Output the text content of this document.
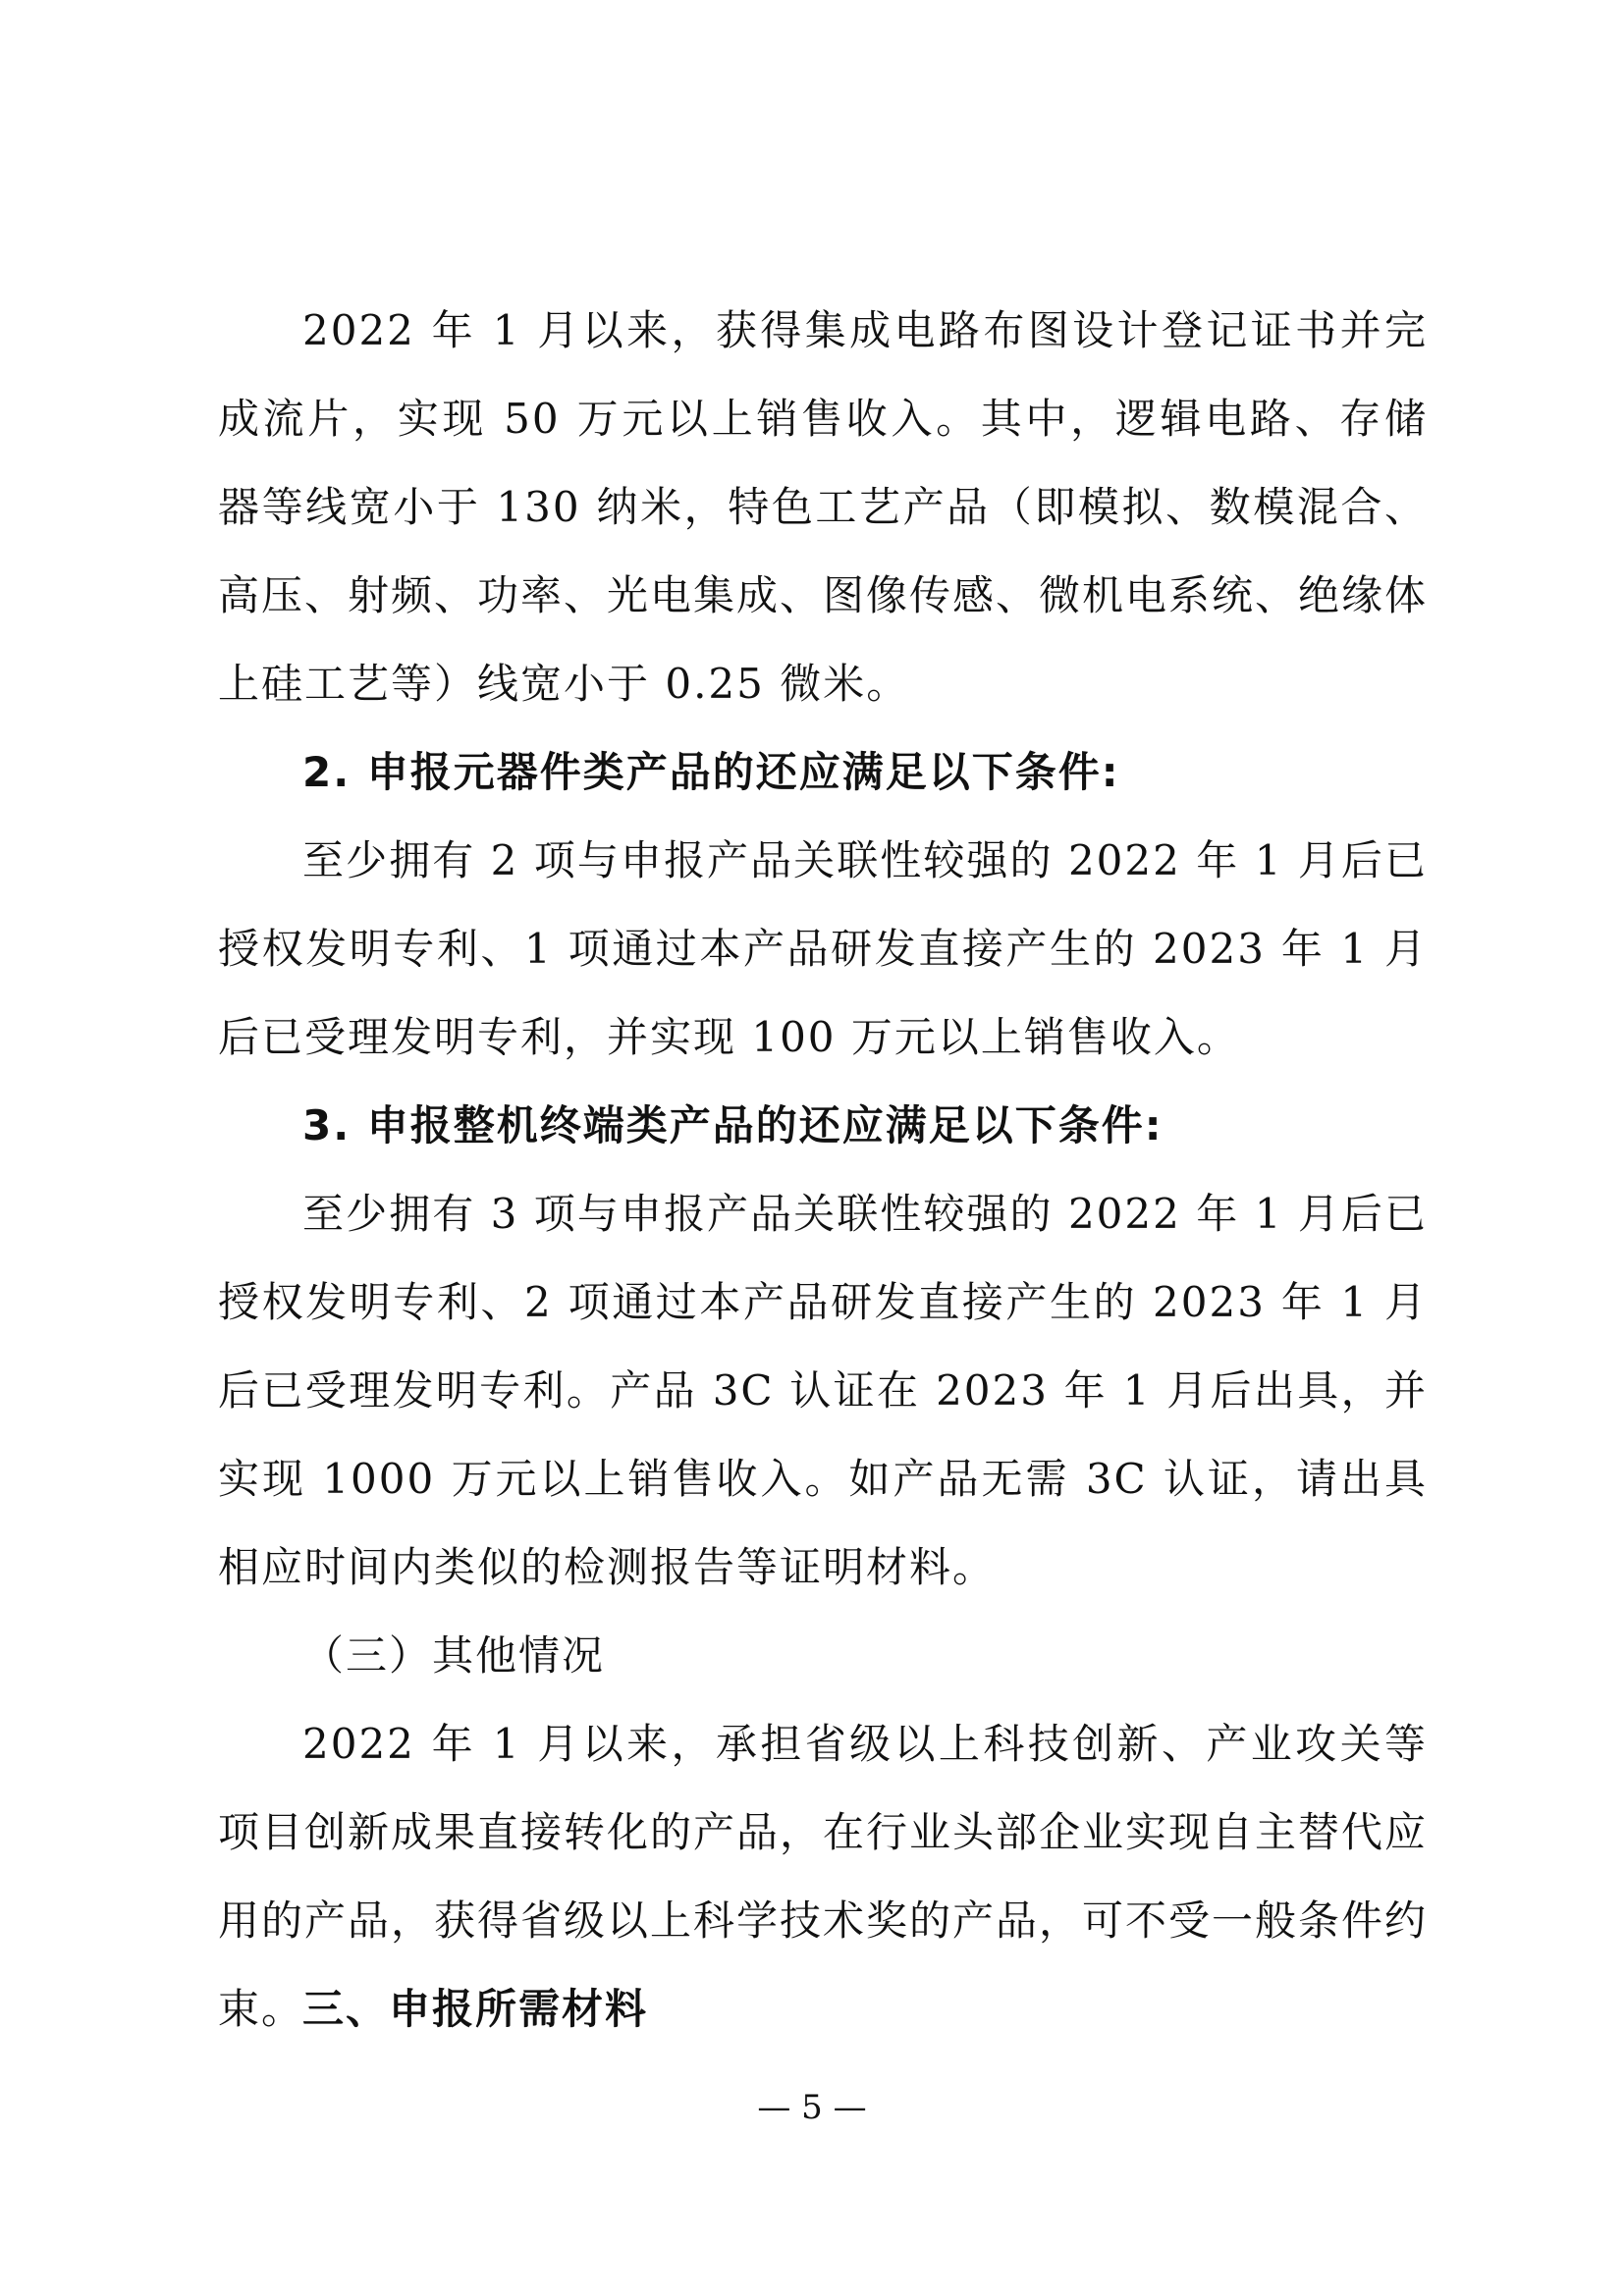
2022 年 1 月以来，获得集成电路布图设计登记证书并完成流片，实现 50 万元以上销售收入。其中，逻辑电路、存储器等线宽小于 130 纳米，特色工艺产品（即模拟、数模混合、高压、射频、功率、光电集成、图像传感、微机电系统、绝缘体上硅工艺等）线宽小于 0.25 微米。

2. 申报元器件类产品的还应满足以下条件:

至少拥有 2 项与申报产品关联性较强的 2022 年 1 月后已授权发明专利、1 项通过本产品研发直接产生的 2023 年 1 月后已受理发明专利，并实现 100 万元以上销售收入。

3. 申报整机终端类产品的还应满足以下条件:

至少拥有 3 项与申报产品关联性较强的 2022 年 1 月后已授权发明专利、2 项通过本产品研发直接产生的 2023 年 1 月后已受理发明专利。产品 3C 认证在 2023 年 1 月后出具，并实现 1000 万元以上销售收入。如产品无需 3C 认证，请出具相应时间内类似的检测报告等证明材料。

（三）其他情况

2022 年 1 月以来，承担省级以上科技创新、产业攻关等项目创新成果直接转化的产品，在行业头部企业实现自主替代应用的产品，获得省级以上科学技术奖的产品，可不受一般条件约束。

三、申报所需材料

— 5 —
